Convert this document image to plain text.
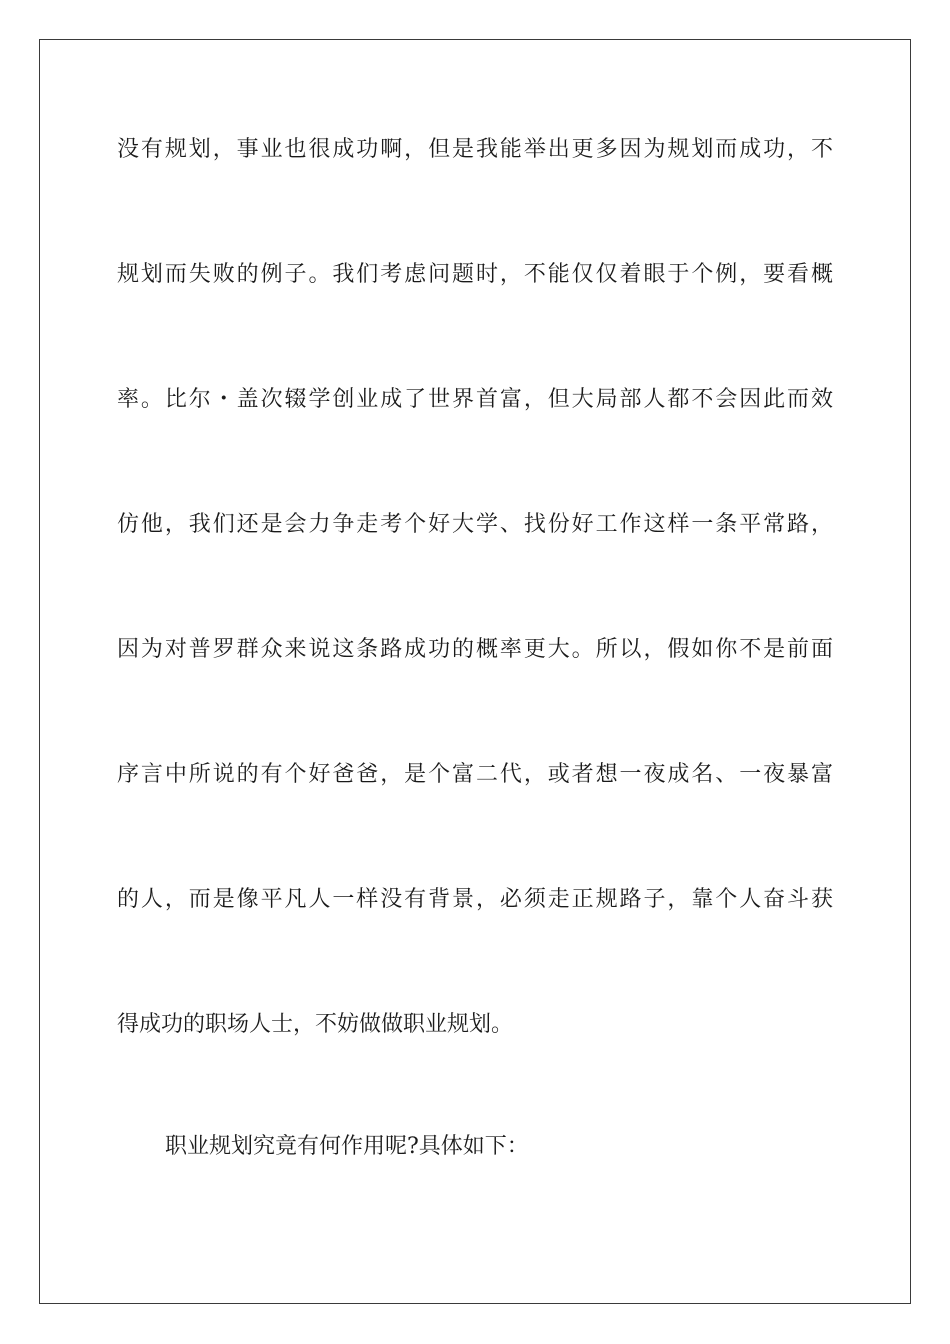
没有规划，事业也很成功啊，但是我能举出更多因为规划而成功，不
规划而失败的例子。我们考虑问题时，不能仅仅着眼于个例，要看概
率。比尔・盖次辍学创业成了世界首富，但大局部人都不会因此而效
仿他，我们还是会力争走考个好大学、找份好工作这样一条平常路，
因为对普罗群众来说这条路成功的概率更大。所以，假如你不是前面
序言中所说的有个好爸爸，是个富二代，或者想一夜成名、一夜暴富
的人，而是像平凡人一样没有背景，必须走正规路子，靠个人奋斗获
得成功的职场人士，不妨做做职业规划。
职业规划究竟有何作用呢?具体如下：
